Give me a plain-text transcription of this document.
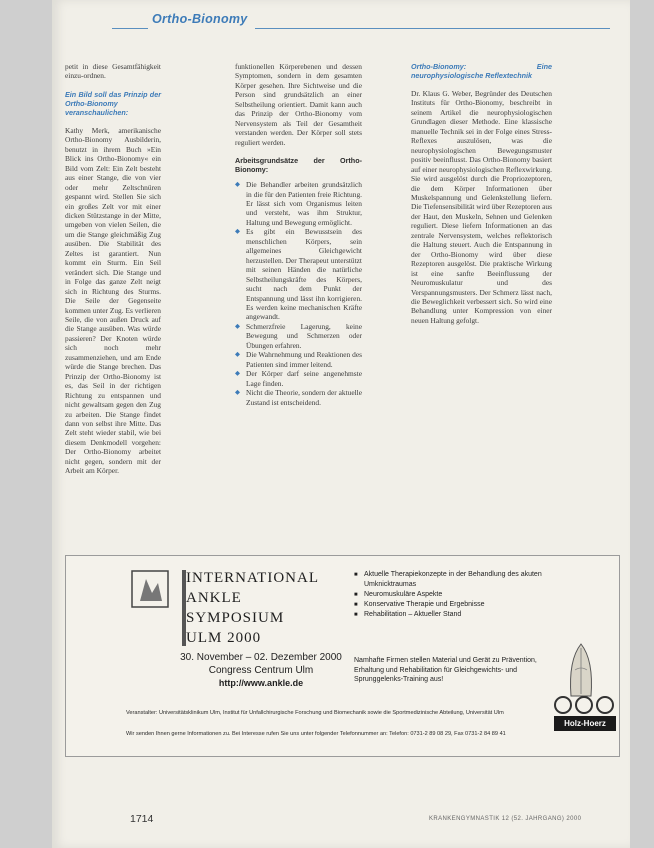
Ortho-Bionomy

petit in diese Gesamtfähigkeit einzu-ordnen.

Ein Bild soll das Prinzip der Ortho-Bionomy veranschaulichen:

Kathy Merk, amerikanische Ortho-Bionomy Ausbilderin, benutzt in ihrem Buch »Ein Blick ins Ortho-Bionomy« ein Bild vom Zelt: Ein Zelt besteht aus einer Stange, die von vier oder mehr Zeltschnüren gespannt wird. Stellen Sie sich ein großes Zelt vor mit einer dicken Stützstange in der Mitte, umgeben von vielen Seilen, die um die Stange gleichmäßig Zug ausüben. Die Stabilität des Zeltes ist garantiert. Nun kommt ein Sturm. Ein Seil verändert sich. Die Stange und in Folge das ganze Zelt neigt sich in Richtung des Sturms. Die Seile der Gegenseite kommen unter Zug. Es verlieren Seile, die von außen Druck auf die Stange ausüben. Was würde passieren? Der Knoten würde sich noch mehr zusammenziehen, und am Ende würde die Stange brechen. Das Prinzip der Ortho-Bionomy ist es, das Seil in der richtigen Richtung zu entspannen und nicht gewaltsam gegen den Zug zu arbeiten. Die Stange findet dann von selbst ihre Mitte. Das Zelt steht wieder stabil, wie bei diesem Denkmodell vorgehen: Der Ortho-Bionomy arbeitet nicht gegen, sondern mit der Arbeit am Körper.

funktionellen Körperebenen und dessen Symptomen, sondern in dem gesamten Körper gesehen. Ihre Sichtweise und die Person sind grundsätzlich an einer Selbstheilung orientiert. Damit kann auch das Prinzip der Ortho-Bionomy vom Nervensystem als Teil der Gesamtheit verstanden werden. Der Körper soll stets reguliert werden.

Arbeitsgrundsätze der Ortho-Bionomy:
◆ Die Behandler arbeiten grundsätzlich in die für den Patienten freie Richtung. Er lässt sich vom Organismus leiten und versteht, was ihm Struktur, Haltung und Bewegung ermöglicht.
◆ Es gibt ein Bewusstsein des menschlichen Körpers, sein allgemeines Gleichgewicht herzustellen. Der Therapeut unterstützt mit seinen Händen die natürliche Selbstheilungskräfte des Körpers, sucht nach dem Punkt der Entspannung und lässt ihn korrigieren. Es werden keine mechanischen Kräfte angewandt.
◆ Schmerzfreie Lagerung, keine Bewegung und Schmerzen oder Übungen erfahren.
◆ Die Wahrnehmung und Reaktionen des Patienten sind immer leitend.
◆ Der Körper darf seine angenehmste Lage finden.
◆ Nicht die Theorie, sondern der aktuelle Zustand ist entscheidend.
Ortho-Bionomy: Eine neurophysiologische Reflextechnik

Dr. Klaus G. Weber, Begründer des Deutschen Instituts für Ortho-Bionomy, beschreibt in seinem Artikel die neurophysiologischen Grundlagen dieser Methode. Eine klassische manuelle Technik sei in der Folge eines Stress-Reflexes auszulösen, was die neurophysiologischen Bewegungsmuster positiv beeinflusst. Das Ortho-Bionomy basiert auf einer neurophysiologischen Reflexwirkung. Sie wird ausgelöst durch die Propriozeptoren, die dem Körper Informationen über Muskelspannung und Gelenkstellung liefern. Die Tiefensensibilität wird über Rezeptoren aus der Haut, den Muskeln, Sehnen und Gelenken reguliert. Diese liefern Informationen an das zentrale Nervensystem, welches reflektorisch die Haltung steuert. Auch die Entspannung in der Ortho-Bionomy wird über diese Rezeptoren ausgelöst. Die praktische Wirkung ist eine sanfte Beeinflussung der Neuromuskulatur und des Verspannungsmusters. Der Schmerz lässt nach, die Beweglichkeit verbessert sich. So wird eine Behandlung unter Kompression von einer neuen Haltung gefolgt.

INTERNATIONAL
ANKLE
SYMPOSIUM
ULM 2000
30. November – 02. Dezember 2000
Congress Centrum Ulm
http://www.ankle.de
■ Aktuelle Therapiekonzepte in der Behandlung des akuten Umknicktraumas
■ Neuromuskuläre Aspekte
■ Konservative Therapie und Ergebnisse
■ Rehabilitation – Aktueller Stand
Namhafte Firmen stellen Material und Gerät zu Prävention, Erhaltung und Rehabilitation für Gleichgewichts- und Sprunggelenks-Training aus!
Holz-Hoerz
Veranstalter: Universitätsklinikum Ulm, Institut für Unfallchirurgische Forschung und Biomechanik sowie die Sportmedizinische Abteilung, Universität Ulm
Wir senden Ihnen gerne Informationen zu. Bei Interesse rufen Sie uns unter folgender Telefonnummer an: Telefon: 0731-2 89 08 29, Fax 0731-2 84 89 41
1714	KRANKENGYMNASTIK 12 (52. JAHRGANG) 2000
